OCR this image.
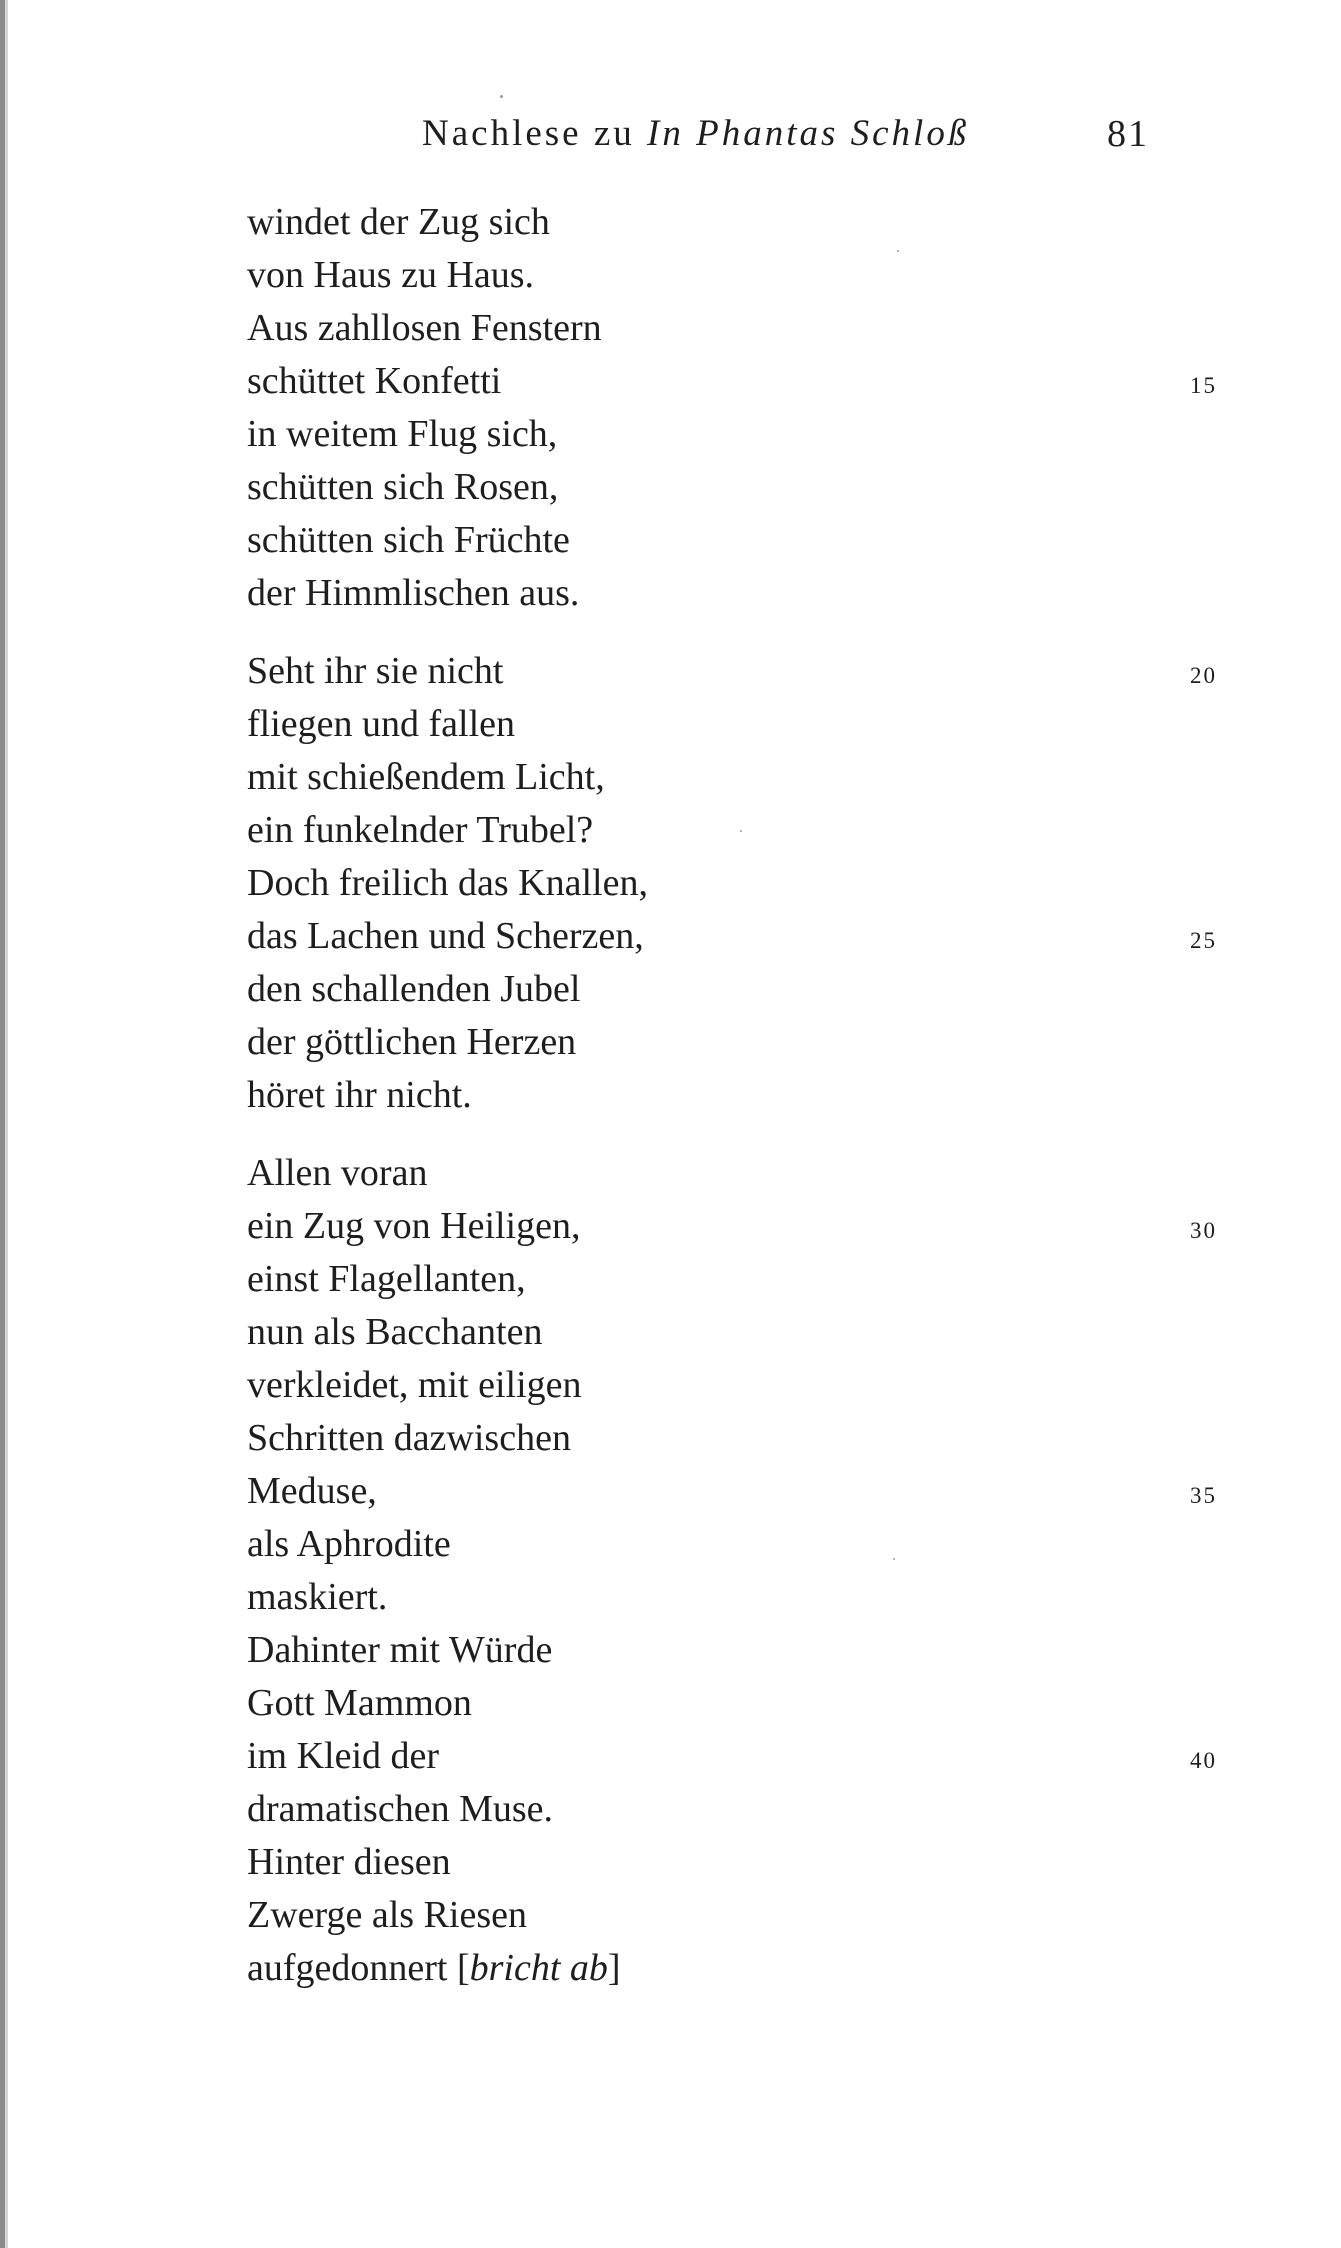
Nachlese zu In Phantas Schloß	81
windet der Zug sich
von Haus zu Haus.
Aus zahllosen Fenstern
schüttet Konfetti	15
in weitem Flug sich,
schütten sich Rosen,
schütten sich Früchte
der Himmlischen aus.
Seht ihr sie nicht	20
fliegen und fallen
mit schießendem Licht,
ein funkelnder Trubel?
Doch freilich das Knallen,
das Lachen und Scherzen,	25
den schallenden Jubel
der göttlichen Herzen
höret ihr nicht.
Allen voran
ein Zug von Heiligen,	30
einst Flagellanten,
nun als Bacchanten
verkleidet, mit eiligen
Schritten dazwischen
Meduse,	35
als Aphrodite
maskiert.
Dahinter mit Würde
Gott Mammon
im Kleid der	40
dramatischen Muse.
Hinter diesen
Zwerge als Riesen
aufgedonnert [bricht ab]
